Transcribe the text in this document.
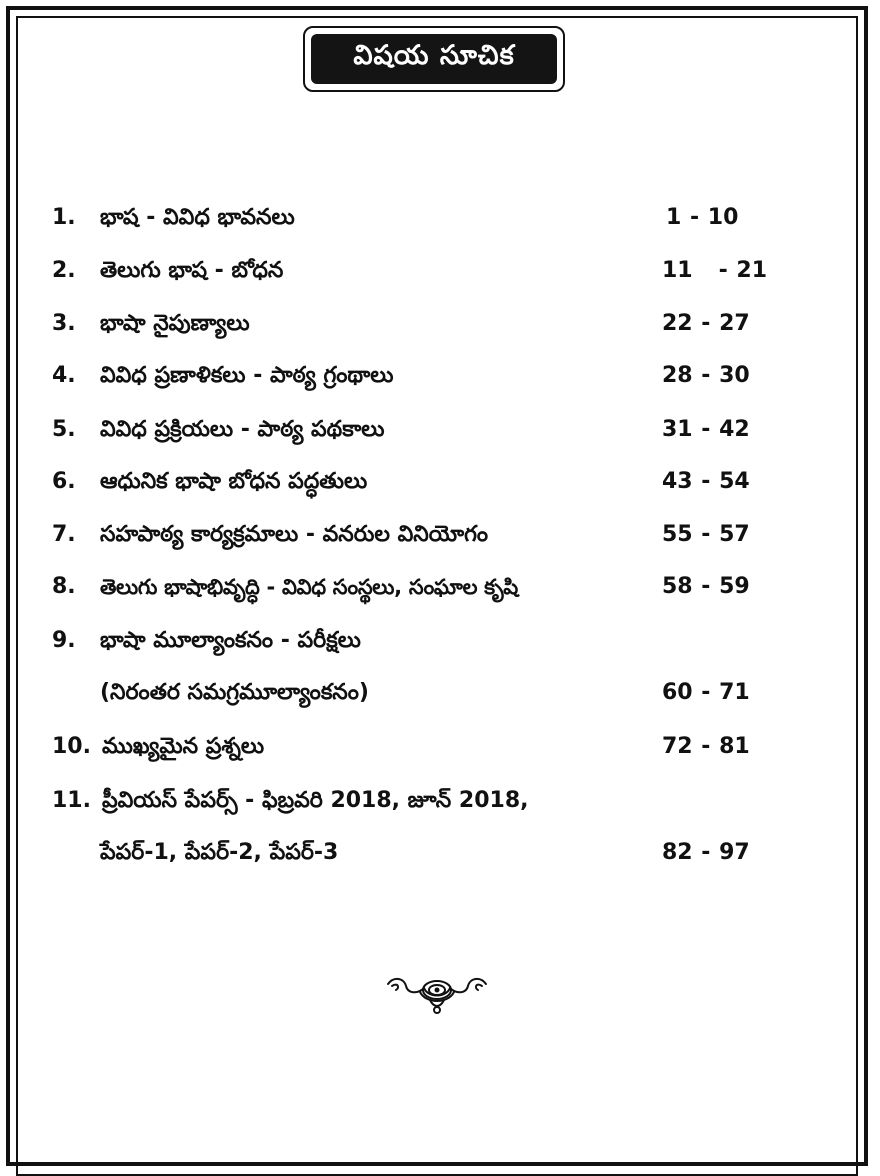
విషయ సూచిక
1. భాష - వివిధ భావనలు	1 - 10
2. తెలుగు భాష - బోధన	11   - 21
3. భాషా నైపుణ్యాలు	22 - 27
4. వివిధ ప్రణాళికలు - పాఠ్య గ్రంథాలు	28 - 30
5. వివిధ ప్రక్రియలు - పాఠ్య పథకాలు	31 - 42
6. ఆధునిక భాషా బోధన పద్ధతులు	43 - 54
7. సహపాఠ్య కార్యక్రమాలు - వనరుల వినియోగం	55 - 57
8. తెలుగు భాషాభివృద్ధి - వివిధ సంస్థలు, సంఘాల కృషి	58 - 59
9. భాషా మూల్యాంకనం - పరీక్షలు
(నిరంతర సమగ్రమూల్యాంకనం)	60 - 71
10. ముఖ్యమైన ప్రశ్నలు	72 - 81
11. ప్రీవియస్ పేపర్స్ - ఫిబ్రవరి 2018, జూన్ 2018,
పేపర్-1, పేపర్-2, పేపర్-3	82 - 97
